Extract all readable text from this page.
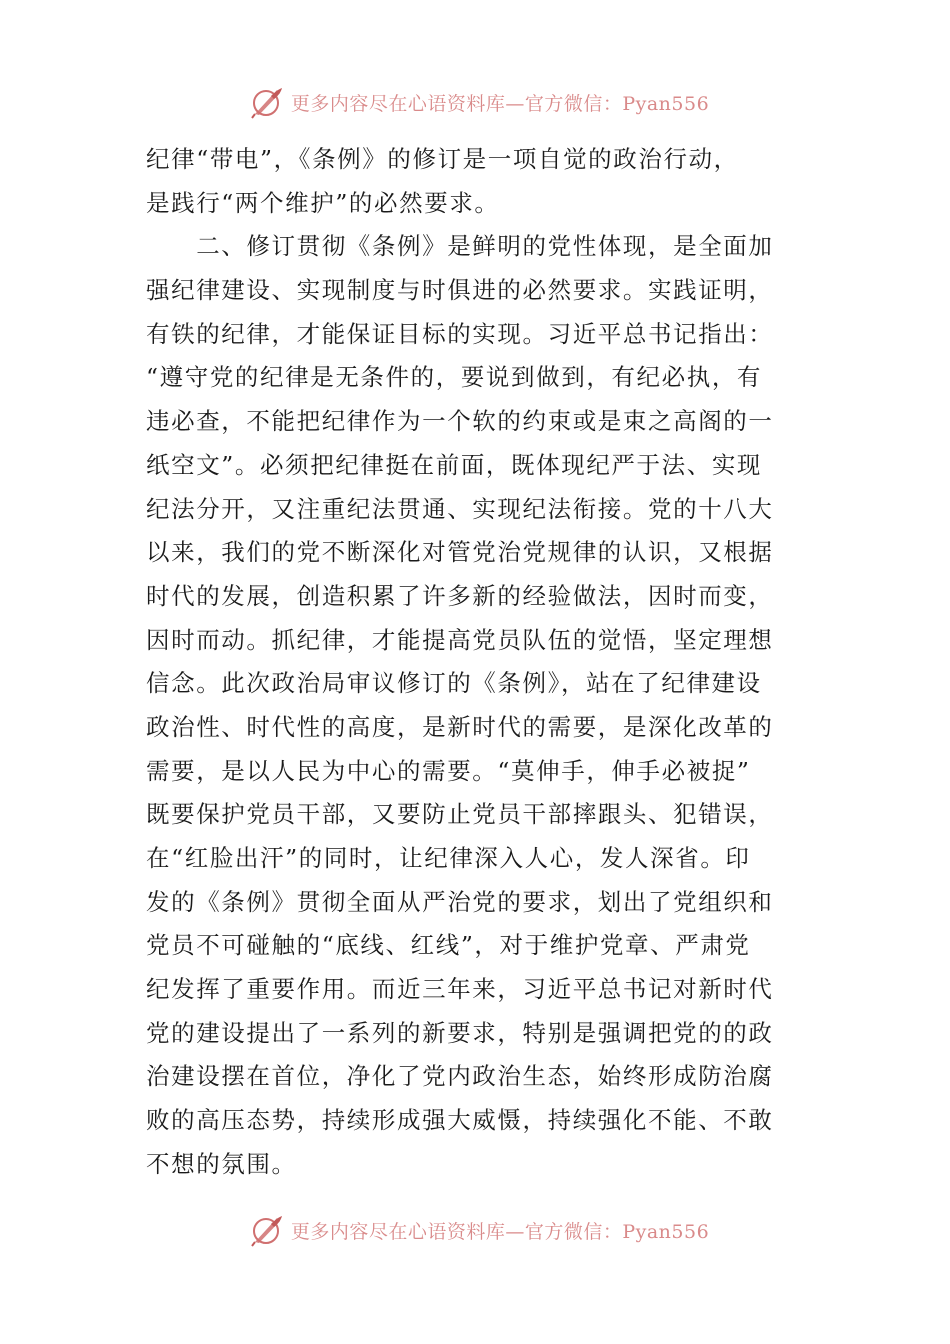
更多内容尽在心语资料库—官方微信：Pyan556
纪律“带电”，《条例》的修订是一项自觉的政治行动，
是践行“两个维护”的必然要求。
　　二、修订贯彻《条例》是鲜明的党性体现，是全面加
强纪律建设、实现制度与时俱进的必然要求。实践证明，
有铁的纪律，才能保证目标的实现。习近平总书记指出：
“遵守党的纪律是无条件的，要说到做到，有纪必执，有
违必查，不能把纪律作为一个软的约束或是束之高阁的一
纸空文”。必须把纪律挺在前面，既体现纪严于法、实现
纪法分开，又注重纪法贯通、实现纪法衔接。党的十八大
以来，我们的党不断深化对管党治党规律的认识，又根据
时代的发展，创造积累了许多新的经验做法，因时而变，
因时而动。抓纪律，才能提高党员队伍的觉悟，坚定理想
信念。此次政治局审议修订的《条例》，站在了纪律建设
政治性、时代性的高度，是新时代的需要，是深化改革的
需要，是以人民为中心的需要。“莫伸手，伸手必被捉”
既要保护党员干部，又要防止党员干部摔跟头、犯错误，
在“红脸出汗”的同时，让纪律深入人心，发人深省。印
发的《条例》贯彻全面从严治党的要求，划出了党组织和
党员不可碰触的“底线、红线”，对于维护党章、严肃党
纪发挥了重要作用。而近三年来，习近平总书记对新时代
党的建设提出了一系列的新要求，特别是强调把党的的政
治建设摆在首位，净化了党内政治生态，始终形成防治腐
败的高压态势，持续形成强大威慑，持续强化不能、不敢
不想的氛围。
更多内容尽在心语资料库—官方微信：Pyan556
